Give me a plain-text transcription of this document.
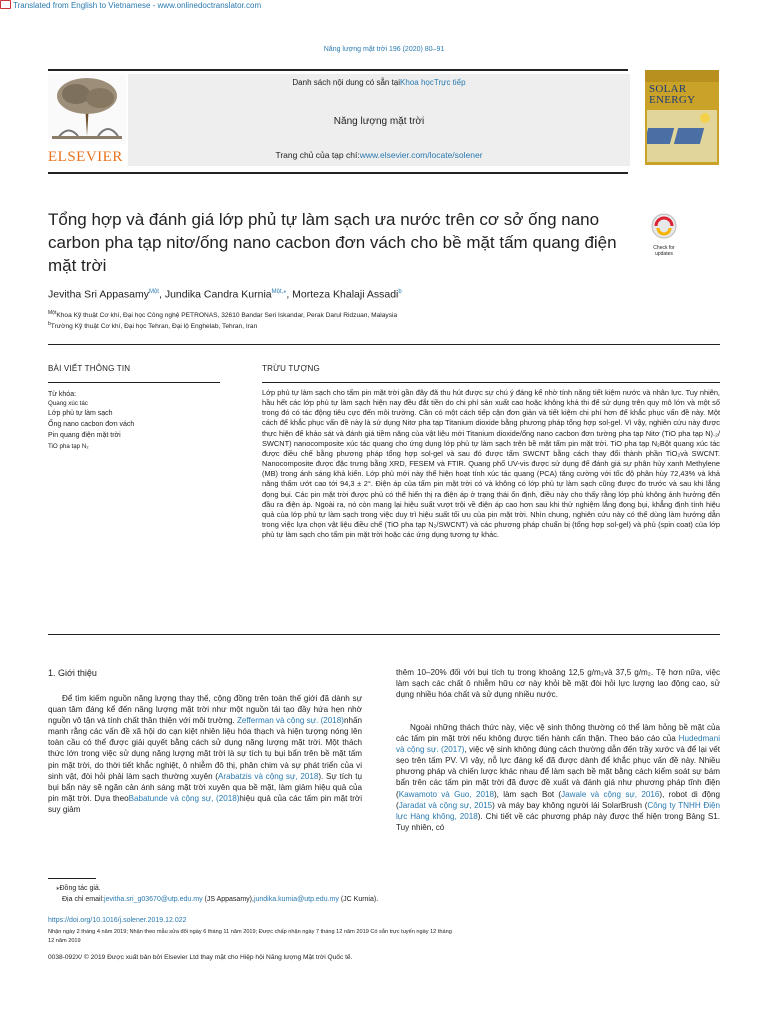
Translated from English to Vietnamese - www.onlinedoctranslator.com
Năng lượng mặt trời 196 (2020) 80–91
ELSEVIER
Danh sách nội dung có sẵn tạiKhoa họcTrực tiếp
Năng lượng mặt trời
Trang chủ của tạp chí:www.elsevier.com/locate/solener
SOLAR
ENERGY
Tổng hợp và đánh giá lớp phủ tự làm sạch ưa nước trên cơ sở ống nano carbon pha tạp nitơ/ống nano cacbon đơn vách cho bề mặt tấm quang điện mặt trời
Check for
updates
Jevitha Sri Appasamy$^{Một}$, Jundika Candra Kurnia$^{Một,⁎}$, Morteza Khalaji Assadi$^b$
$^{Một}$Khoa Kỹ thuật Cơ khí, Đại học Công nghệ PETRONAS, 32610 Bandar Seri Iskandar, Perak Darul Ridzuan, Malaysia
$^b$Trường Kỹ thuật Cơ khí, Đại học Tehran, Đại lộ Enghelab, Tehran, Iran
BÀI VIẾT THÔNG TIN	TRỪU TƯỢNG
Từ khóa:
Quang xúc tác
Lớp phủ tự làm sạch
Ống nano cacbon đơn vách
Pin quang điện mặt trời
TiO pha tạp N₂
Lớp phủ tự làm sạch cho tấm pin mặt trời gần đây đã thu hút được sự chú ý đáng kể nhờ tính năng tiết kiệm nước và nhân lực. Tuy nhiên, hầu hết các lớp phủ tự làm sạch hiện nay đều đắt tiền do chi phí sản xuất cao hoặc không khả thi để sử dụng trên quy mô lớn và một số trong đó có tác động tiêu cực đến môi trường. Cần có một cách tiếp cận đơn giản và tiết kiệm chi phí hơn để khắc phục vấn đề này. Một cách để khắc phục vấn đề này là sử dụng Nitơ pha tạp Titanium dioxide bằng phương pháp tổng hợp sol-gel. Vì vậy, nghiên cứu này được thực hiện để khảo sát và đánh giá tiềm năng của vật liệu mới Titanium dioxide/ống nano cacbon đơn tường pha tạp Nitơ (TiO pha tạp N).₂/ SWCNT) nanocomposite xúc tác quang cho ứng dụng lớp phủ tự làm sạch trên bề mặt tấm pin mặt trời. TiO pha tạp N₂Bột quang xúc tác được điều chế bằng phương pháp tổng hợp sol-gel và sau đó được tấm SWCNT bằng cách thay đổi thành phần TiO₂và SWCNT. Nanocomposite được đặc trưng bằng XRD, FESEM và FTIR. Quang phổ UV-vis được sử dụng để đánh giá sự phân hủy xanh Methylene (MB) trong ánh sáng khả kiến. Lớp phủ mới này thể hiện hoạt tính xúc tác quang (PCA) tăng cường với tốc độ phân hủy 72,43% và khả năng thấm ướt cao tới 94,3 ± 2°. Điện áp của tấm pin mặt trời có và không có lớp phủ tự làm sạch cũng được đo trước và sau khi lắng đọng bụi. Các pin mặt trời được phủ có thể hiển thị ra điện áp ở trạng thái ổn định, điều này cho thấy rằng lớp phủ không ảnh hưởng đến đầu ra điện áp. Ngoài ra, nó còn mang lại hiệu suất vượt trội về điện áp cao hơn sau khi thử nghiệm lắng đọng bụi, khẳng định tính hiệu quả của lớp phủ tự làm sạch trong việc duy trì hiệu suất tối ưu của pin mặt trời. Nhìn chung, nghiên cứu này có thể dùng làm hướng dẫn trong việc lựa chọn vật liệu điều chế (TiO pha tạp N₂/SWCNT) và các phương pháp chuẩn bị (tổng hợp sol-gel) và phủ (spin coat) của lớp phủ tự làm sạch cho tấm pin mặt trời hoặc các ứng dụng tương tự khác.
1. Giới thiệu
Để tìm kiếm nguồn năng lượng thay thế, cộng đồng trên toàn thế giới đã dành sự quan tâm đáng kể đến năng lượng mặt trời như một nguồn tái tạo đầy hứa hẹn nhờ nguồn vô tận và tính chất thân thiện với môi trường. Zefferman và cộng sự. (2018)nhấn mạnh rằng các vấn đề xã hội do cạn kiệt nhiên liệu hóa thạch và hiện tượng nóng lên toàn cầu có thể được giải quyết bằng cách sử dụng năng lượng mặt trời. Một thách thức lớn trong việc sử dụng năng lượng mặt trời là sự tích tụ bụi bẩn trên bề mặt tấm pin mặt trời, do thời tiết khắc nghiệt, ô nhiễm đô thị, phân chim và sự phát triển của vi sinh vật, đòi hỏi phải làm sạch thường xuyên (Arabatzis và cộng sự, 2018). Sự tích tụ bụi bẩn này sẽ ngăn cản ánh sáng mặt trời xuyên qua bề mặt, làm giảm hiệu quả của pin mặt trời. Dựa theoBabatunde và cộng sự, (2018)hiệu quả của các tấm pin mặt trời suy giảm
thêm 10–20% đối với bụi tích tụ trong khoảng 12,5 g/m₂và 37,5 g/m₂. Tệ hơn nữa, việc làm sạch các chất ô nhiễm hữu cơ này khỏi bề mặt đòi hỏi lực lượng lao động cao, sử dụng nhiều hóa chất và sử dụng nhiều nước.
Ngoài những thách thức này, việc vệ sinh thông thường có thể làm hỏng bề mặt của các tấm pin mặt trời nếu không được tiến hành cẩn thận. Theo báo cáo của Hudedmani và cộng sự. (2017), việc vệ sinh không đúng cách thường dẫn đến trầy xước và để lại vết sẹo trên tấm PV. Vì vậy, nỗ lực đáng kể đã được dành để khắc phục vấn đề này. Nhiều phương pháp và chiến lược khác nhau để làm sạch bề mặt bằng cách kiểm soát sự bám bẩn trên các tấm pin mặt trời đã được đề xuất và đánh giá như phương pháp tĩnh điện (Kawamoto và Guo, 2018), làm sạch Bot (Jawale và cộng sự, 2016), robot di động (Jaradat và cộng sự, 2015) và máy bay không người lái SolarBrush (Công ty TNHH Điện lực Hàng không, 2018). Chi tiết về các phương pháp này được thể hiện trong Bảng S1. Tuy nhiên, có
⁎Đồng tác giả.
Địa chỉ email:jevitha.sri_g03670@utp.edu.my (JS Appasamy),jundika.kurnia@utp.edu.my (JC Kurnia).
https://doi.org/10.1016/j.solener.2019.12.022
Nhận ngày 2 tháng 4 năm 2019; Nhận theo mẫu sửa đổi ngày 6 tháng 11 năm 2019; Được chấp nhận ngày 7 tháng 12 năm 2019 Có sẵn trực tuyến ngày 12 tháng 12 năm 2019
0038-092X/ © 2019 Được xuất bản bởi Elsevier Ltd thay mặt cho Hiệp hội Năng lượng Mặt trời Quốc tế.
